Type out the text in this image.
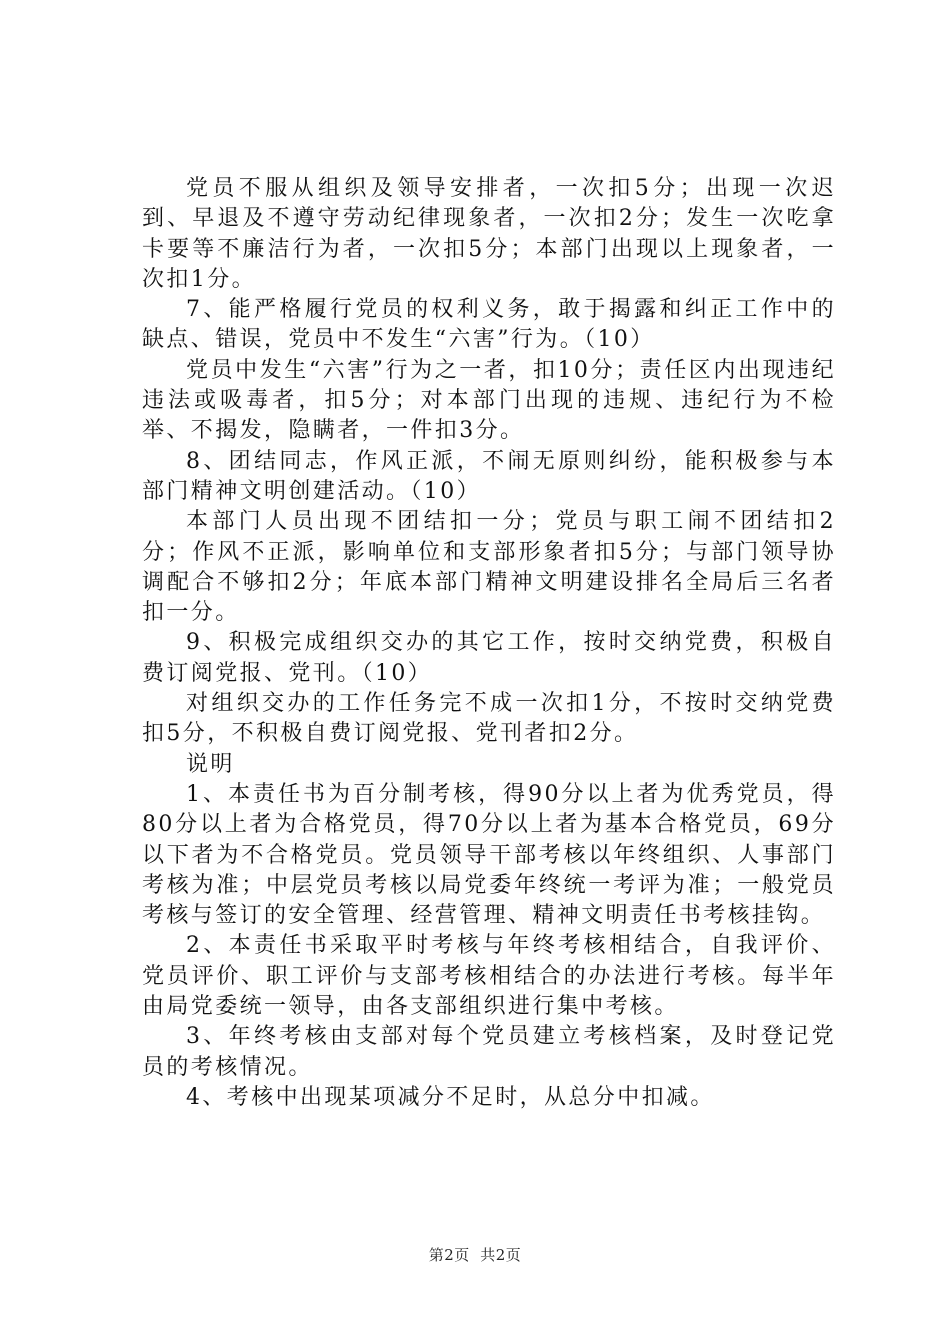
党员不服从组织及领导安排者，一次扣5分；出现一次迟到、早退及不遵守劳动纪律现象者，一次扣2分；发生一次吃拿卡要等不廉洁行为者，一次扣5分；本部门出现以上现象者，一次扣1分。

7、能严格履行党员的权利义务，敢于揭露和纠正工作中的缺点、错误，党员中不发生“六害”行为。（10）

党员中发生“六害”行为之一者，扣10分；责任区内出现违纪违法或吸毒者，扣5分；对本部门出现的违规、违纪行为不检举、不揭发，隐瞒者，一件扣3分。

8、团结同志，作风正派，不闹无原则纠纷，能积极参与本部门精神文明创建活动。（10）

本部门人员出现不团结扣一分；党员与职工闹不团结扣2分；作风不正派，影响单位和支部形象者扣5分；与部门领导协调配合不够扣2分；年底本部门精神文明建设排名全局后三名者扣一分。

9、积极完成组织交办的其它工作，按时交纳党费，积极自费订阅党报、党刊。（10）

对组织交办的工作任务完不成一次扣1分，不按时交纳党费扣5分，不积极自费订阅党报、党刊者扣2分。

说明

1、本责任书为百分制考核，得90分以上者为优秀党员，得80分以上者为合格党员，得70分以上者为基本合格党员，69分以下者为不合格党员。党员领导干部考核以年终组织、人事部门考核为准；中层党员考核以局党委年终统一考评为准；一般党员考核与签订的安全管理、经营管理、精神文明责任书考核挂钩。

2、本责任书采取平时考核与年终考核相结合，自我评价、党员评价、职工评价与支部考核相结合的办法进行考核。每半年由局党委统一领导，由各支部组织进行集中考核。

3、年终考核由支部对每个党员建立考核档案，及时登记党员的考核情况。

4、考核中出现某项减分不足时，从总分中扣减。

第2页  共2页
